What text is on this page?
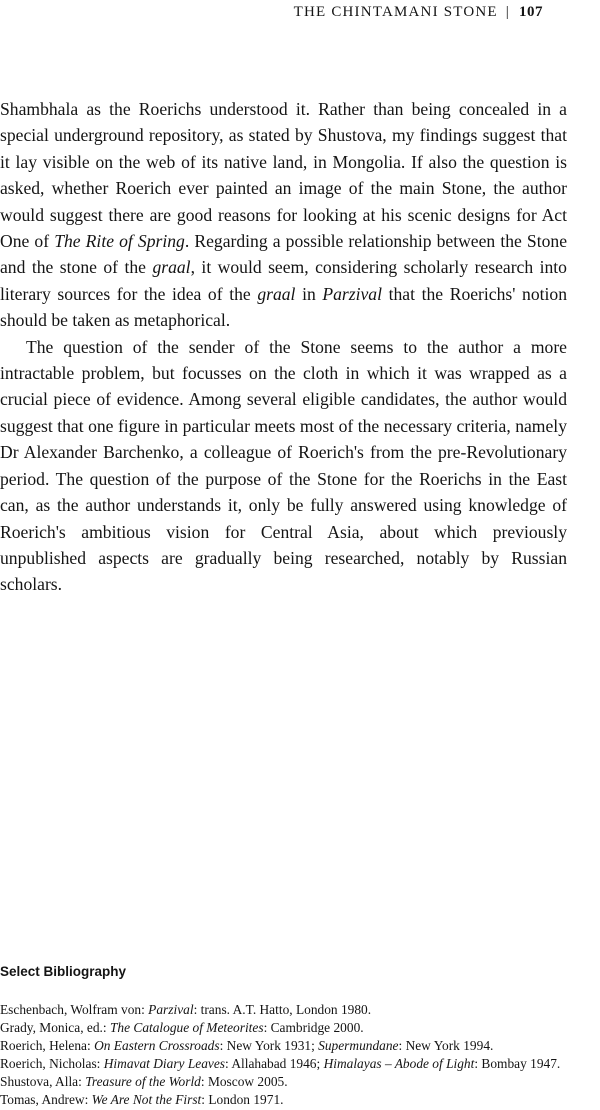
THE CHINTAMANI STONE | 107

Shambhala as the Roerichs understood it. Rather than being concealed in a special underground repository, as stated by Shustova, my findings suggest that it lay visible on the web of its native land, in Mongolia. If also the question is asked, whether Roerich ever painted an image of the main Stone, the author would suggest there are good reasons for looking at his scenic designs for Act One of The Rite of Spring. Regarding a possible relationship between the Stone and the stone of the graal, it would seem, considering scholarly research into literary sources for the idea of the graal in Parzival that the Roerichs' notion should be taken as metaphorical.

The question of the sender of the Stone seems to the author a more intractable problem, but focusses on the cloth in which it was wrapped as a crucial piece of evidence. Among several eligible candidates, the author would suggest that one figure in particular meets most of the necessary criteria, namely Dr Alexander Barchenko, a colleague of Roerich's from the pre-Revolutionary period. The question of the purpose of the Stone for the Roerichs in the East can, as the author understands it, only be fully answered using knowledge of Roerich's ambitious vision for Central Asia, about which previously unpublished aspects are gradually being researched, notably by Russian scholars.

Select Bibliography
Eschenbach, Wolfram von: Parzival: trans. A.T. Hatto, London 1980.
Grady, Monica, ed.: The Catalogue of Meteorites: Cambridge 2000.
Roerich, Helena: On Eastern Crossroads: New York 1931; Supermundane: New York 1994.
Roerich, Nicholas: Himavat Diary Leaves: Allahabad 1946; Himalayas – Abode of Light: Bombay 1947.
Shustova, Alla: Treasure of the World: Moscow 2005.
Tomas, Andrew: We Are Not the First: London 1971.
